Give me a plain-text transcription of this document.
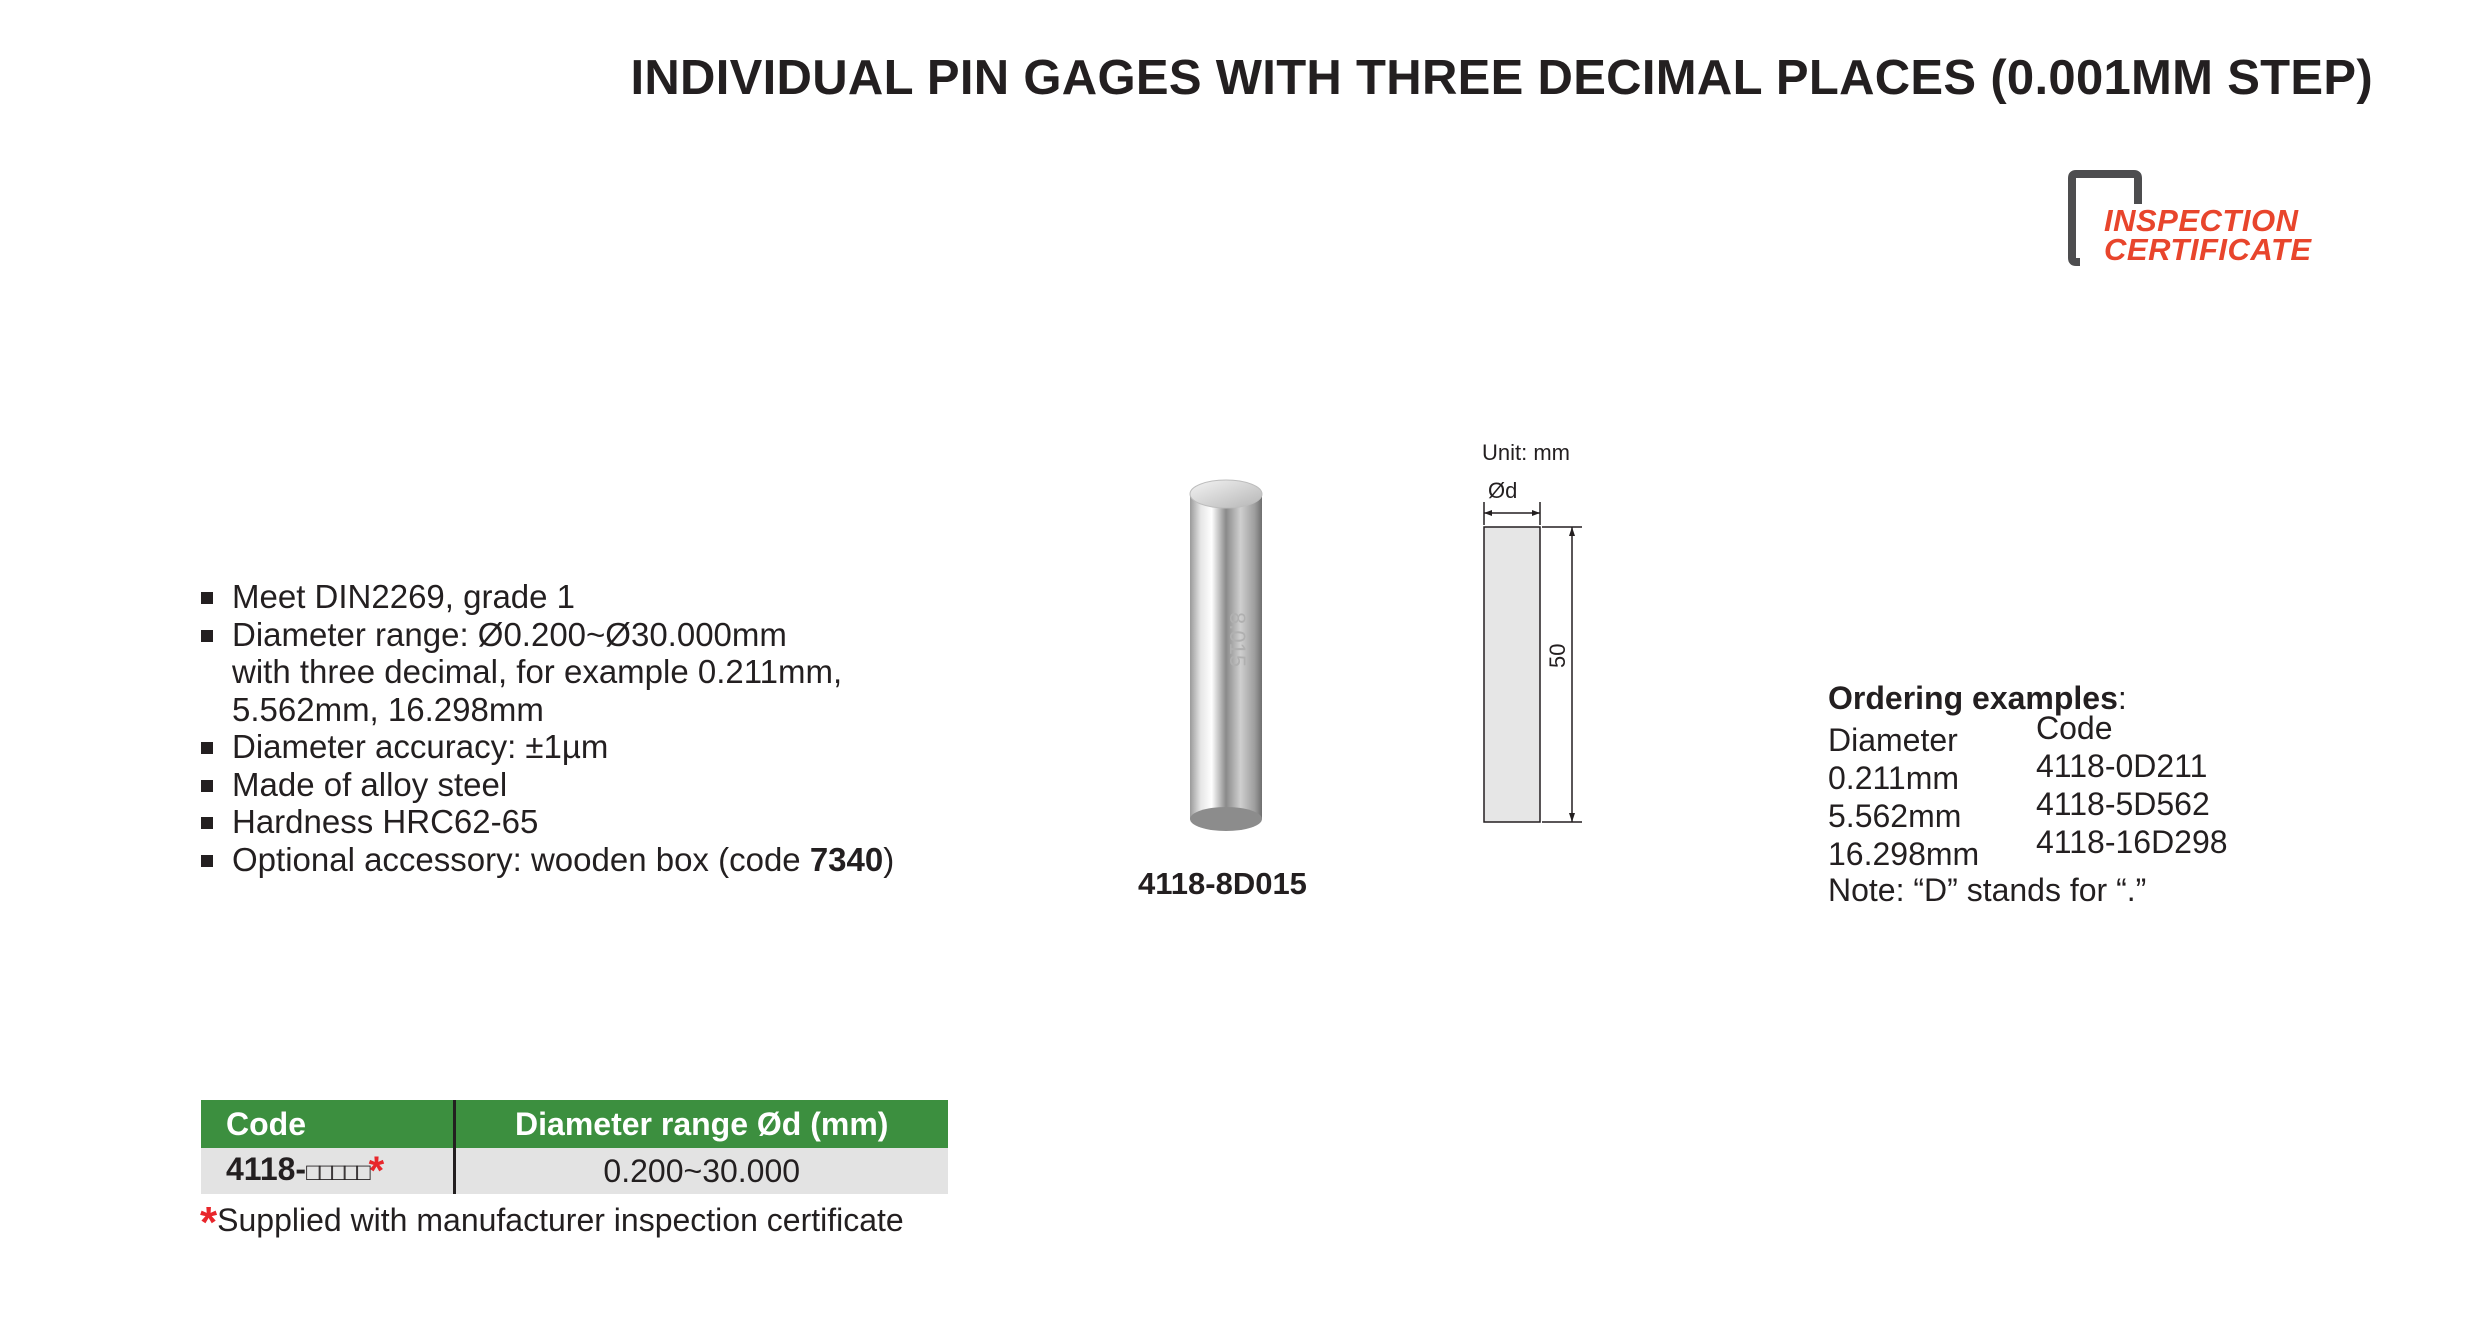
INDIVIDUAL PIN GAGES WITH THREE DECIMAL PLACES (0.001MM STEP)
INSPECTION
CERTIFICATE
Meet DIN2269, grade 1
Diameter range: Ø0.200~Ø30.000mm
with three decimal, for example 0.211mm,
5.562mm, 16.298mm
Diameter accuracy: ±1µm
Made of alloy steel
Hardness HRC62-65
Optional accessory: wooden box (code 7340)
8.015
4118-8D015
Unit: mm
Ød
50
Ordering examples:
Diameter Code
0.211mm 4118-0D211
5.562mm 4118-5D562
16.298mm 4118-16D298
Note: “D” stands for “.”
Code	Diameter range Ød (mm)
4118-□□□□□*	0.200~30.000
*Supplied with manufacturer inspection certificate
